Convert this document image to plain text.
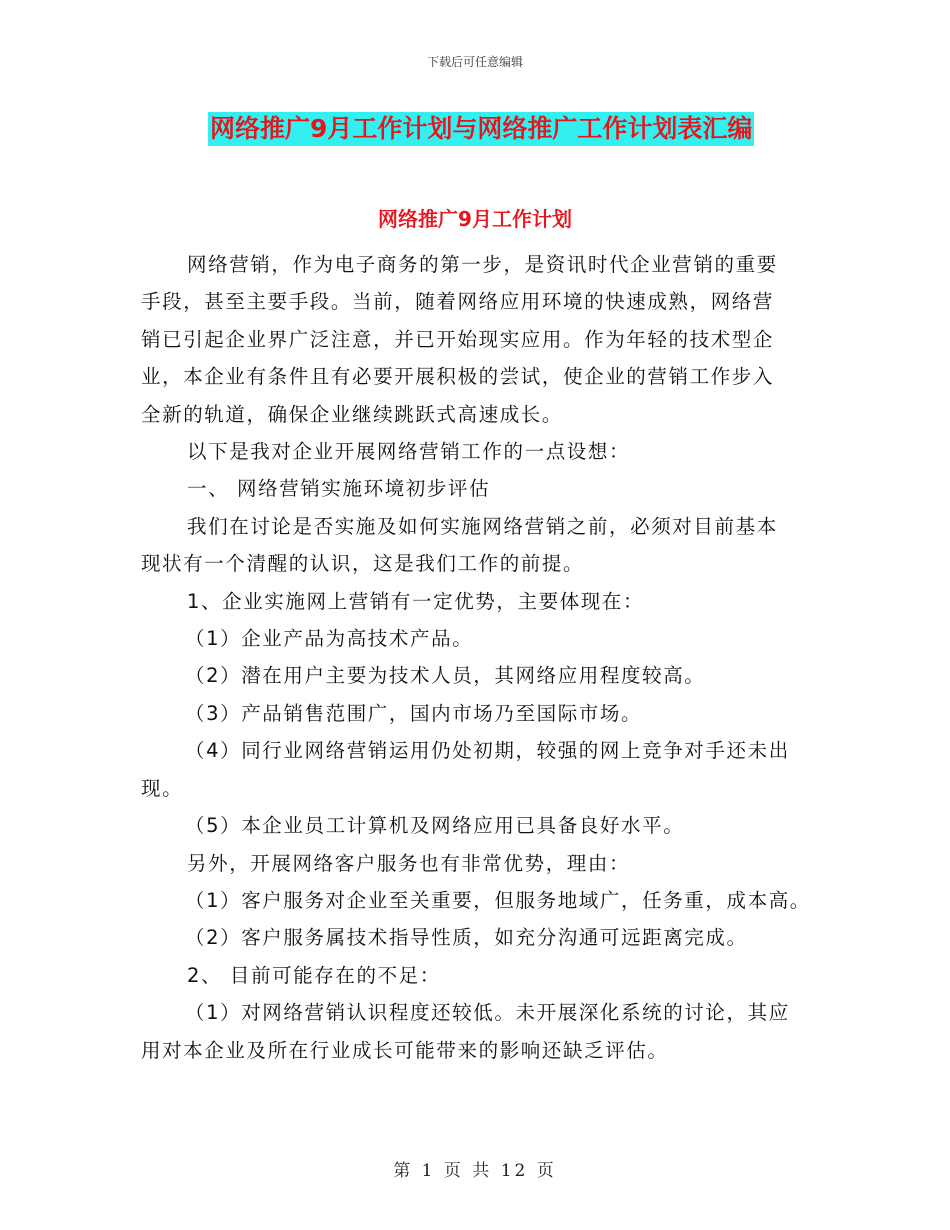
下载后可任意编辑
网络推广9月工作计划与网络推广工作计划表汇编
网络推广9月工作计划

网络营销，作为电子商务的第一步，是资讯时代企业营销的重要

手段，甚至主要手段。当前，随着网络应用环境的快速成熟，网络营

销已引起企业界广泛注意，并已开始现实应用。作为年轻的技术型企

业，本企业有条件且有必要开展积极的尝试，使企业的营销工作步入

全新的轨道，确保企业继续跳跃式高速成长。

以下是我对企业开展网络营销工作的一点设想：

一、 网络营销实施环境初步评估

我们在讨论是否实施及如何实施网络营销之前，必须对目前基本

现状有一个清醒的认识，这是我们工作的前提。

1、企业实施网上营销有一定优势，主要体现在：

（1）企业产品为高技术产品。

（2）潜在用户主要为技术人员，其网络应用程度较高。

（3）产品销售范围广，国内市场乃至国际市场。

（4）同行业网络营销运用仍处初期，较强的网上竞争对手还未出

现。

（5）本企业员工计算机及网络应用已具备良好水平。

另外，开展网络客户服务也有非常优势，理由：

（1）客户服务对企业至关重要，但服务地域广，任务重，成本高。

（2）客户服务属技术指导性质，如充分沟通可远距离完成。

2、 目前可能存在的不足：

（1）对网络营销认识程度还较低。未开展深化系统的讨论，其应

用对本企业及所在行业成长可能带来的影响还缺乏评估。

第 1 页 共 12 页
